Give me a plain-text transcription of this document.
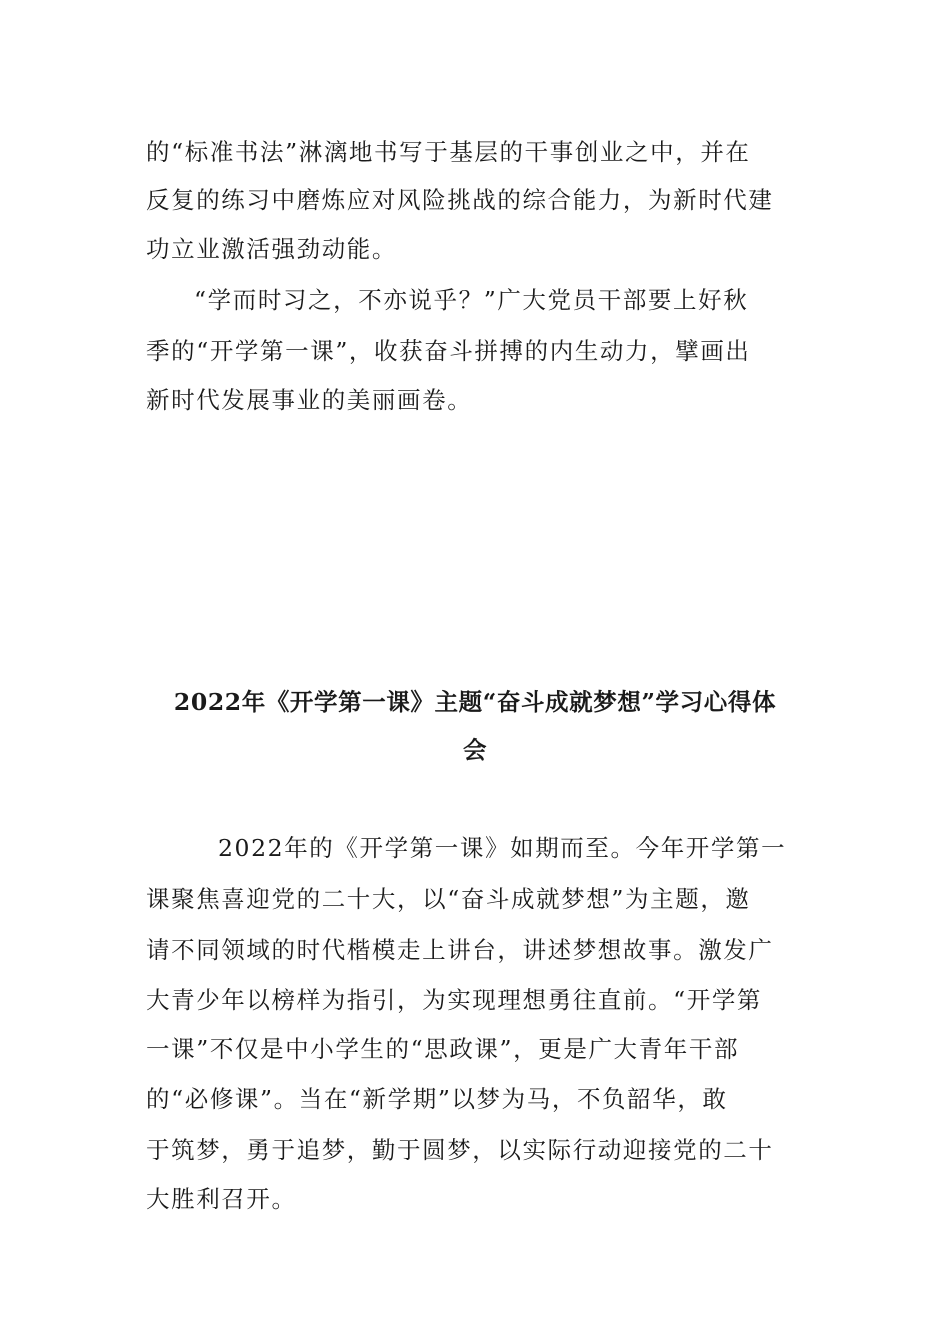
的“标准书法”淋漓地书写于基层的干事创业之中，并在
反复的练习中磨炼应对风险挑战的综合能力，为新时代建
功立业激活强劲动能。
“学而时习之，不亦说乎？”广大党员干部要上好秋
季的“开学第一课”，收获奋斗拼搏的内生动力，擘画出
新时代发展事业的美丽画卷。
2022年《开学第一课》主题“奋斗成就梦想”学习心得体
会
2022年的《开学第一课》如期而至。今年开学第一
课聚焦喜迎党的二十大，以“奋斗成就梦想”为主题，邀
请不同领域的时代楷模走上讲台，讲述梦想故事。激发广
大青少年以榜样为指引，为实现理想勇往直前。“开学第
一课”不仅是中小学生的“思政课”，更是广大青年干部
的“必修课”。当在“新学期”以梦为马，不负韶华，敢
于筑梦，勇于追梦，勤于圆梦，以实际行动迎接党的二十
大胜利召开。
